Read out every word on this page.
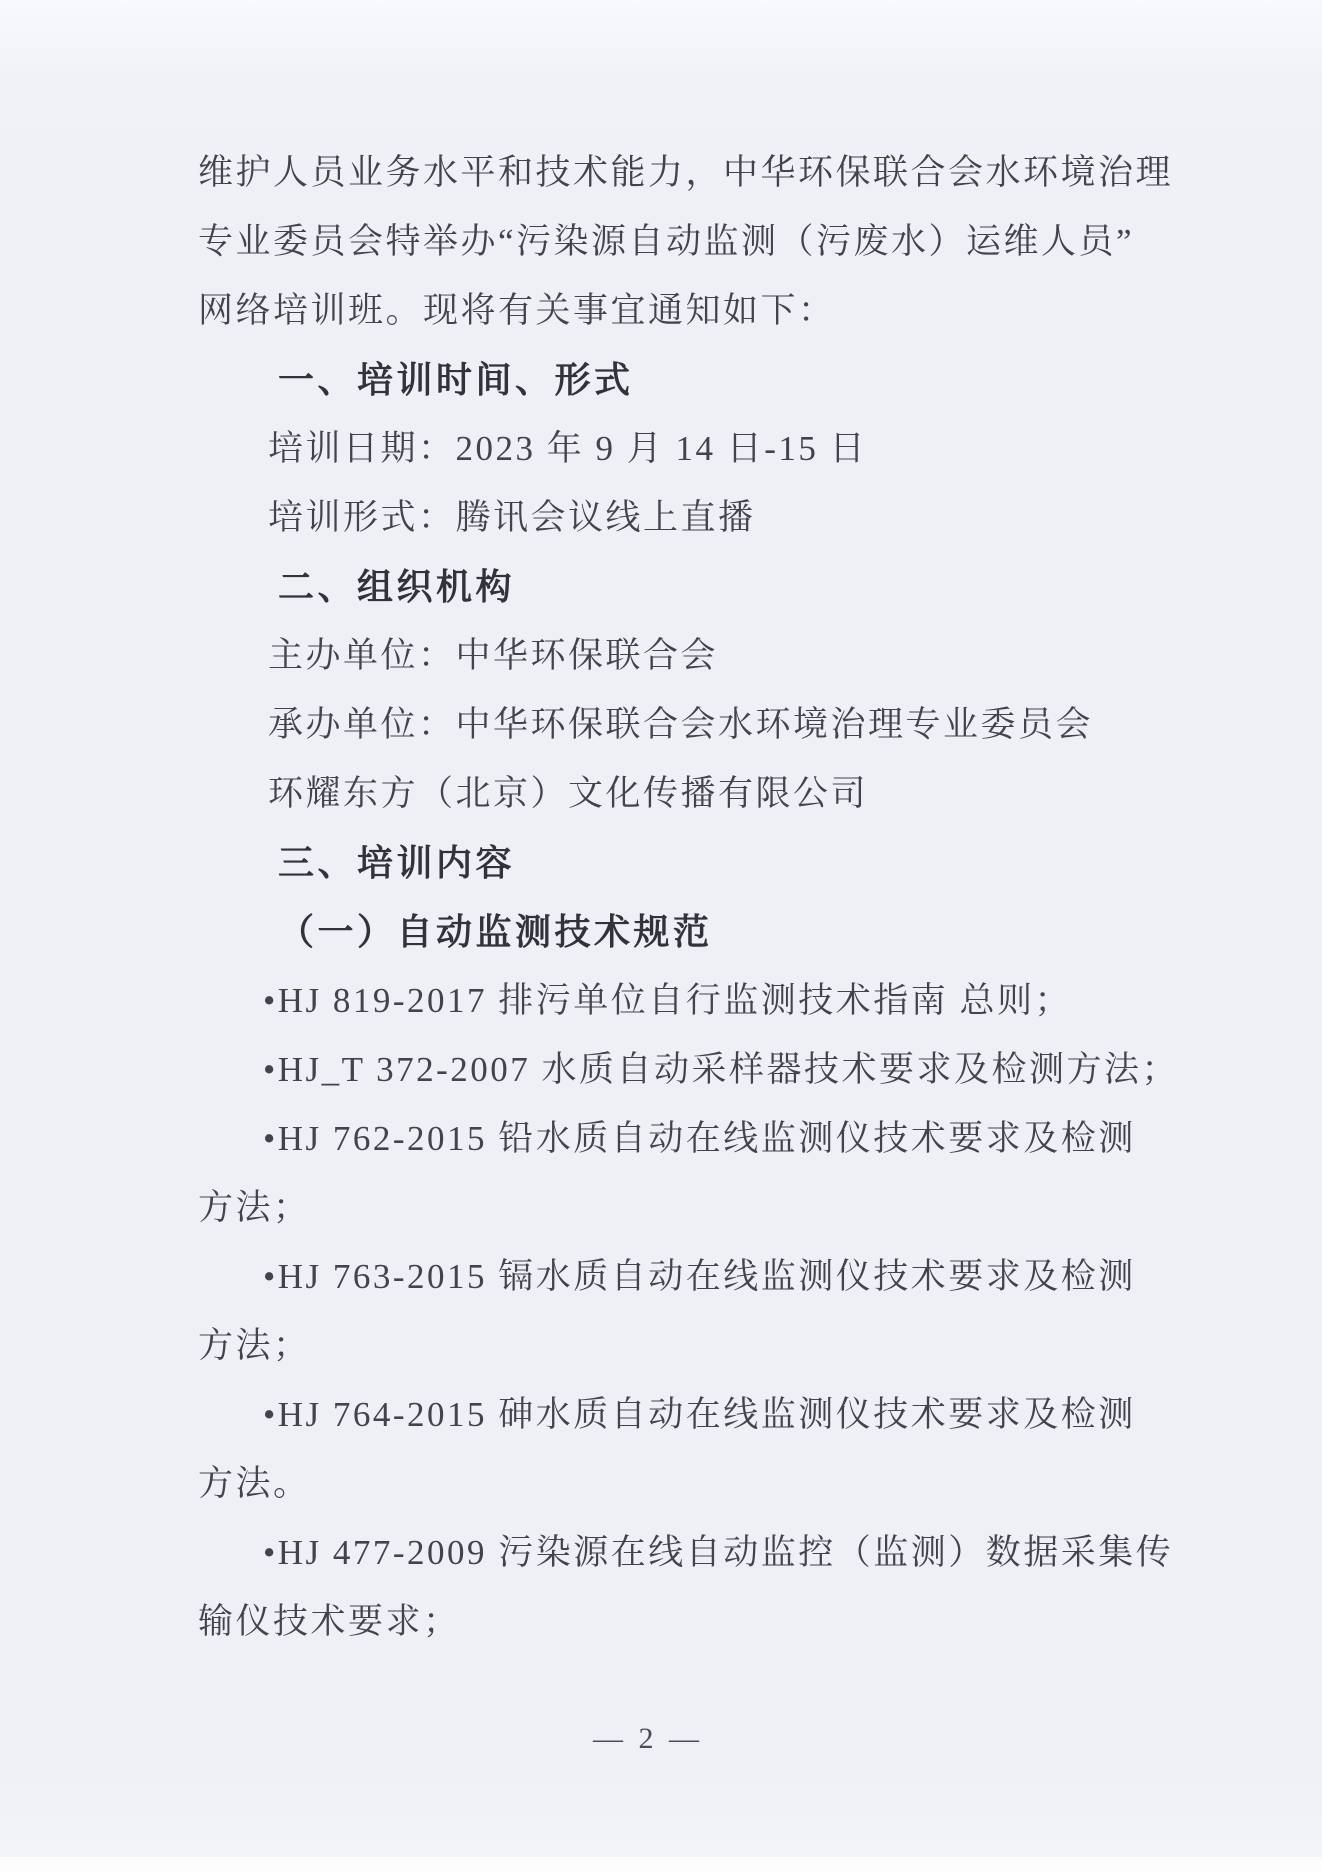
维护人员业务水平和技术能力，中华环保联合会水环境治理
专业委员会特举办“污染源自动监测（污废水）运维人员”
网络培训班。现将有关事宜通知如下：
一、培训时间、形式
培训日期：2023 年 9 月 14 日-15 日
培训形式：腾讯会议线上直播
二、组织机构
主办单位：中华环保联合会
承办单位：中华环保联合会水环境治理专业委员会
环耀东方（北京）文化传播有限公司
三、培训内容
（一）自动监测技术规范
•HJ 819-2017 排污单位自行监测技术指南 总则；
•HJ_T 372-2007 水质自动采样器技术要求及检测方法；
•HJ 762-2015 铅水质自动在线监测仪技术要求及检测
方法；
•HJ 763-2015 镉水质自动在线监测仪技术要求及检测
方法；
•HJ 764-2015 砷水质自动在线监测仪技术要求及检测
方法。
•HJ 477-2009 污染源在线自动监控（监测）数据采集传
输仪技术要求；
— 2 —
